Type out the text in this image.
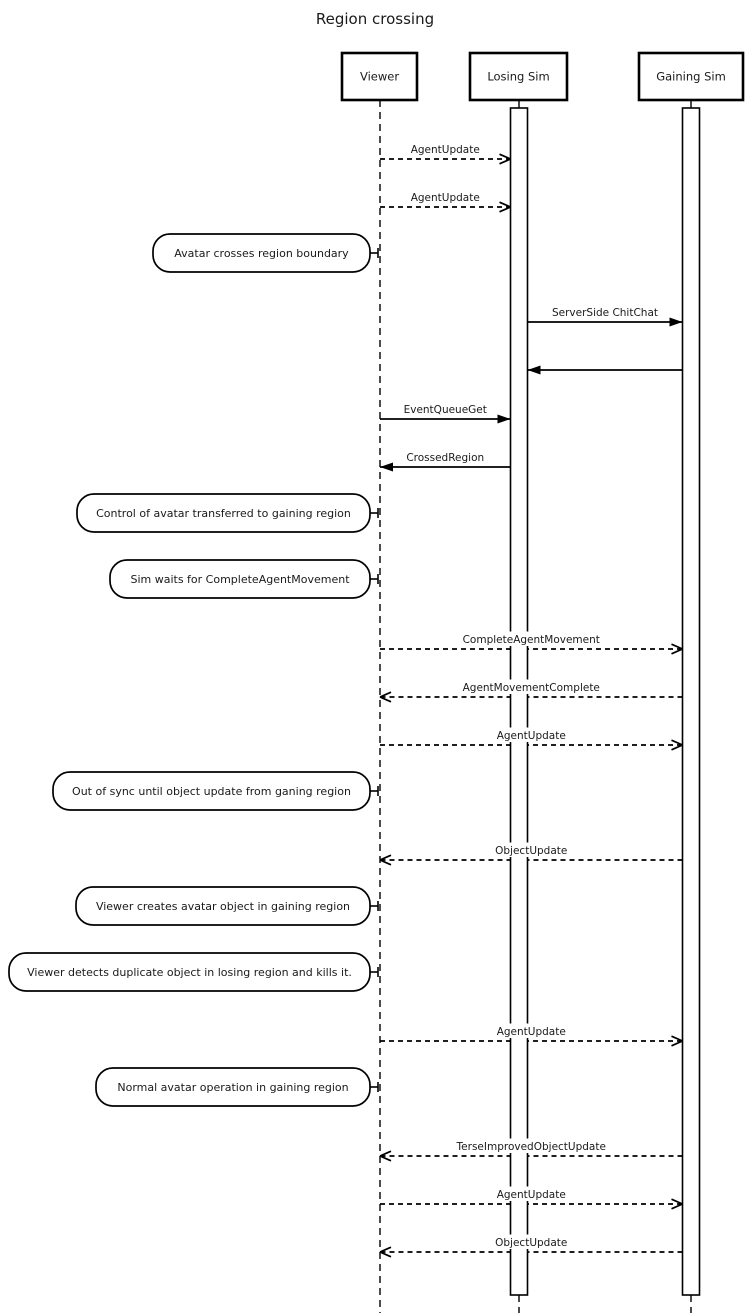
AgentUpdate
AgentUpdate
ServerSide ChitChat
EventQueueGet
CrossedRegion
CompleteAgentMovement
AgentMovementComplete
AgentUpdate
ObjectUpdate
AgentUpdate
TerseImprovedObjectUpdate
AgentUpdate
ObjectUpdate
Avatar crosses region boundary
Control of avatar transferred to gaining region
Sim waits for CompleteAgentMovement
Out of sync until object update from ganing region
Viewer creates avatar object in gaining region
Viewer detects duplicate object in losing region and kills it.
Normal avatar operation in gaining region
Viewer	Losing Sim	Gaining Sim
Region crossing
